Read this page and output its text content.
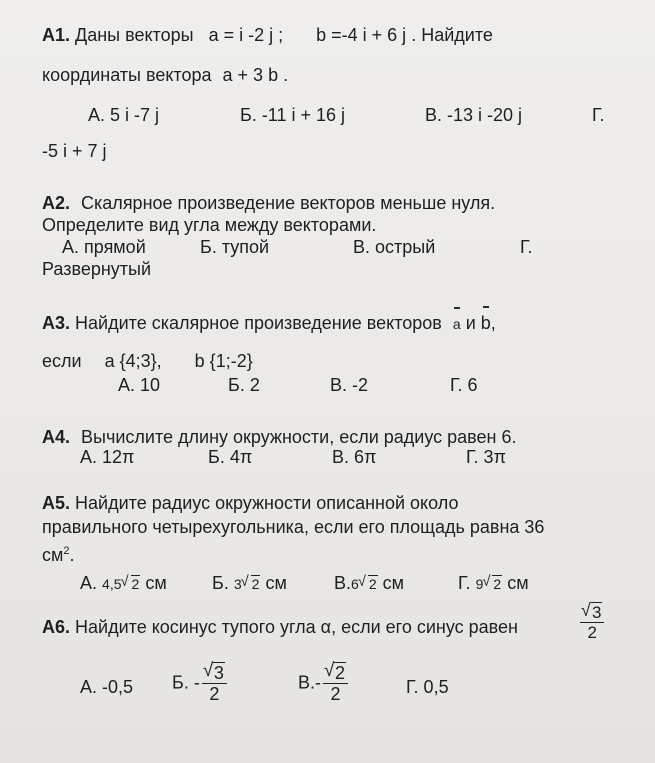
А1. Даны векторы a = i -2 j ; b =-4 i + 6 j . Найдите
координаты вектора a + 3 b .
А. 5 i -7 j	Б. -11 i + 16 j	В. -13 i -20 j	Г.
-5 i + 7 j
А2. Скалярное произведение векторов меньше нуля.
Определите вид угла между векторами.
А. прямой	Б. тупой	В. острый	Г.
Развернутый
А3. Найдите скалярное произведение векторов a и b,
если a {4;3}, b {1;-2}
А. 10	Б. 2	В. -2	Г. 6
А4. Вычислите длину окружности, если радиус равен 6.
А. 12π	Б. 4π	В. 6π	Г. 3π
А5. Найдите радиус окружности описанной около
правильного четырехугольника, если его площадь равна 36
$см^2$.
А. 4,5 √ 2 см	Б. 3 √ 2 см	В.6 √ 2 см	Г. 9 √ 2 см
А6. Найдите косинус тупого угла α, если его синус равен	√ $\frac{3}{2}$
А. -0,5 Б. - √ $\frac{3}{2}$	В.- √ $\frac{2}{2}$	Г. 0,5
